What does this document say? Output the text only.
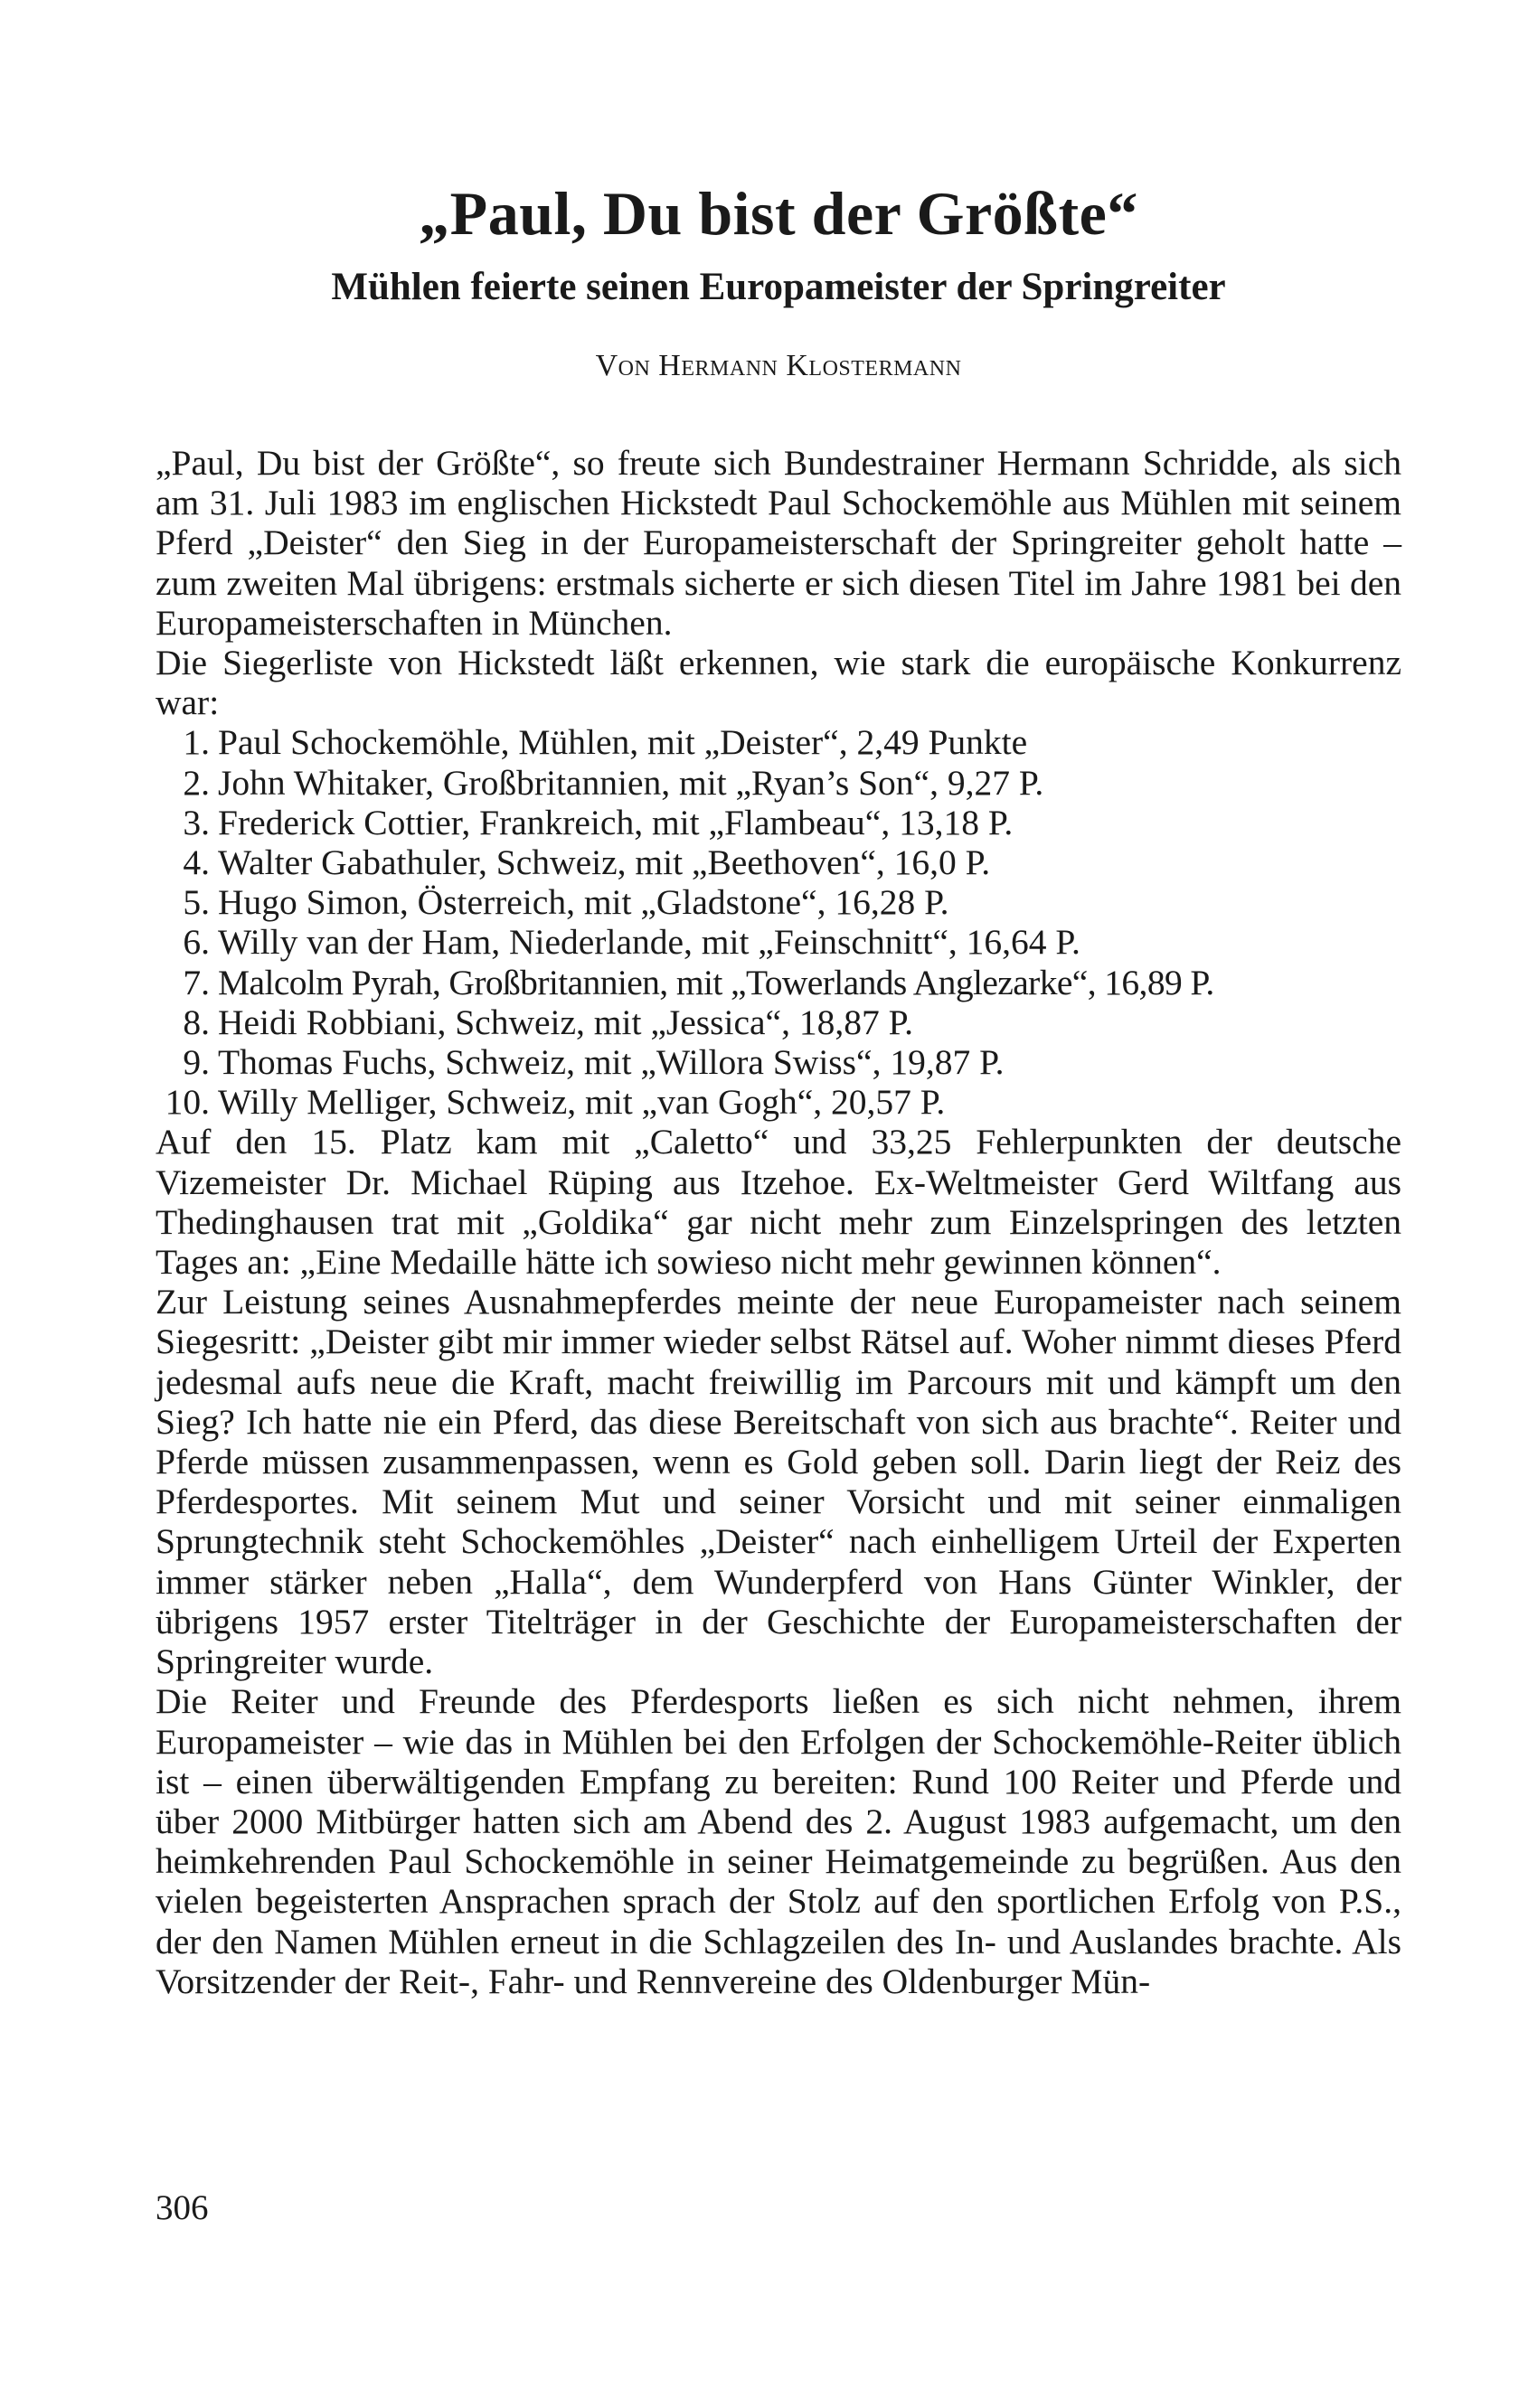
„Paul, Du bist der Größte“
Mühlen feierte seinen Europameister der Springreiter
Von Hermann Klostermann

„Paul, Du bist der Größte“, so freute sich Bundestrainer Hermann Schridde, als sich am 31. Juli 1983 im englischen Hickstedt Paul Schockemöhle aus Mühlen mit seinem Pferd „Deister“ den Sieg in der Europameisterschaft der Springreiter geholt hatte – zum zweiten Mal übrigens: erstmals sicherte er sich diesen Titel im Jahre 1981 bei den Europameisterschaften in München.

Die Siegerliste von Hickstedt läßt erkennen, wie stark die europäische Konkurrenz war:

1. Paul Schockemöhle, Mühlen, mit „Deister“, 2,49 Punkte
2. John Whitaker, Großbritannien, mit „Ryan’s Son“, 9,27 P.
3. Frederick Cottier, Frankreich, mit „Flambeau“, 13,18 P.
4. Walter Gabathuler, Schweiz, mit „Beethoven“, 16,0 P.
5. Hugo Simon, Österreich, mit „Gladstone“, 16,28 P.
6. Willy van der Ham, Niederlande, mit „Feinschnitt“, 16,64 P.
7. Malcolm Pyrah, Großbritannien, mit „Towerlands Anglezarke“, 16,89 P.
8. Heidi Robbiani, Schweiz, mit „Jessica“, 18,87 P.
9. Thomas Fuchs, Schweiz, mit „Willora Swiss“, 19,87 P.
10. Willy Melliger, Schweiz, mit „van Gogh“, 20,57 P.

Auf den 15. Platz kam mit „Caletto“ und 33,25 Fehlerpunkten der deutsche Vizemeister Dr. Michael Rüping aus Itzehoe. Ex-Weltmeister Gerd Wiltfang aus Thedinghausen trat mit „Goldika“ gar nicht mehr zum Einzelspringen des letzten Tages an: „Eine Medaille hätte ich sowieso nicht mehr gewinnen können“.

Zur Leistung seines Ausnahmepferdes meinte der neue Europameister nach seinem Siegesritt: „Deister gibt mir immer wieder selbst Rätsel auf. Woher nimmt dieses Pferd jedesmal aufs neue die Kraft, macht freiwillig im Parcours mit und kämpft um den Sieg? Ich hatte nie ein Pferd, das diese Bereitschaft von sich aus brachte“. Reiter und Pferde müssen zusammenpassen, wenn es Gold geben soll. Darin liegt der Reiz des Pferdesportes. Mit seinem Mut und seiner Vorsicht und mit seiner einmaligen Sprungtechnik steht Schockemöhles „Deister“ nach einhelligem Urteil der Experten immer stärker neben „Halla“, dem Wunderpferd von Hans Günter Winkler, der übrigens 1957 erster Titelträger in der Geschichte der Europameisterschaften der Springreiter wurde.

Die Reiter und Freunde des Pferdesports ließen es sich nicht nehmen, ihrem Europameister – wie das in Mühlen bei den Erfolgen der Schockemöhle-Reiter üblich ist – einen überwältigenden Empfang zu bereiten: Rund 100 Reiter und Pferde und über 2000 Mitbürger hatten sich am Abend des 2. August 1983 aufgemacht, um den heimkehrenden Paul Schockemöhle in seiner Heimatgemeinde zu begrüßen. Aus den vielen begeisterten Ansprachen sprach der Stolz auf den sportlichen Erfolg von P.S., der den Namen Mühlen erneut in die Schlagzeilen des In- und Auslandes brachte. Als Vorsitzender der Reit-, Fahr- und Rennvereine des Oldenburger Mün-

306
